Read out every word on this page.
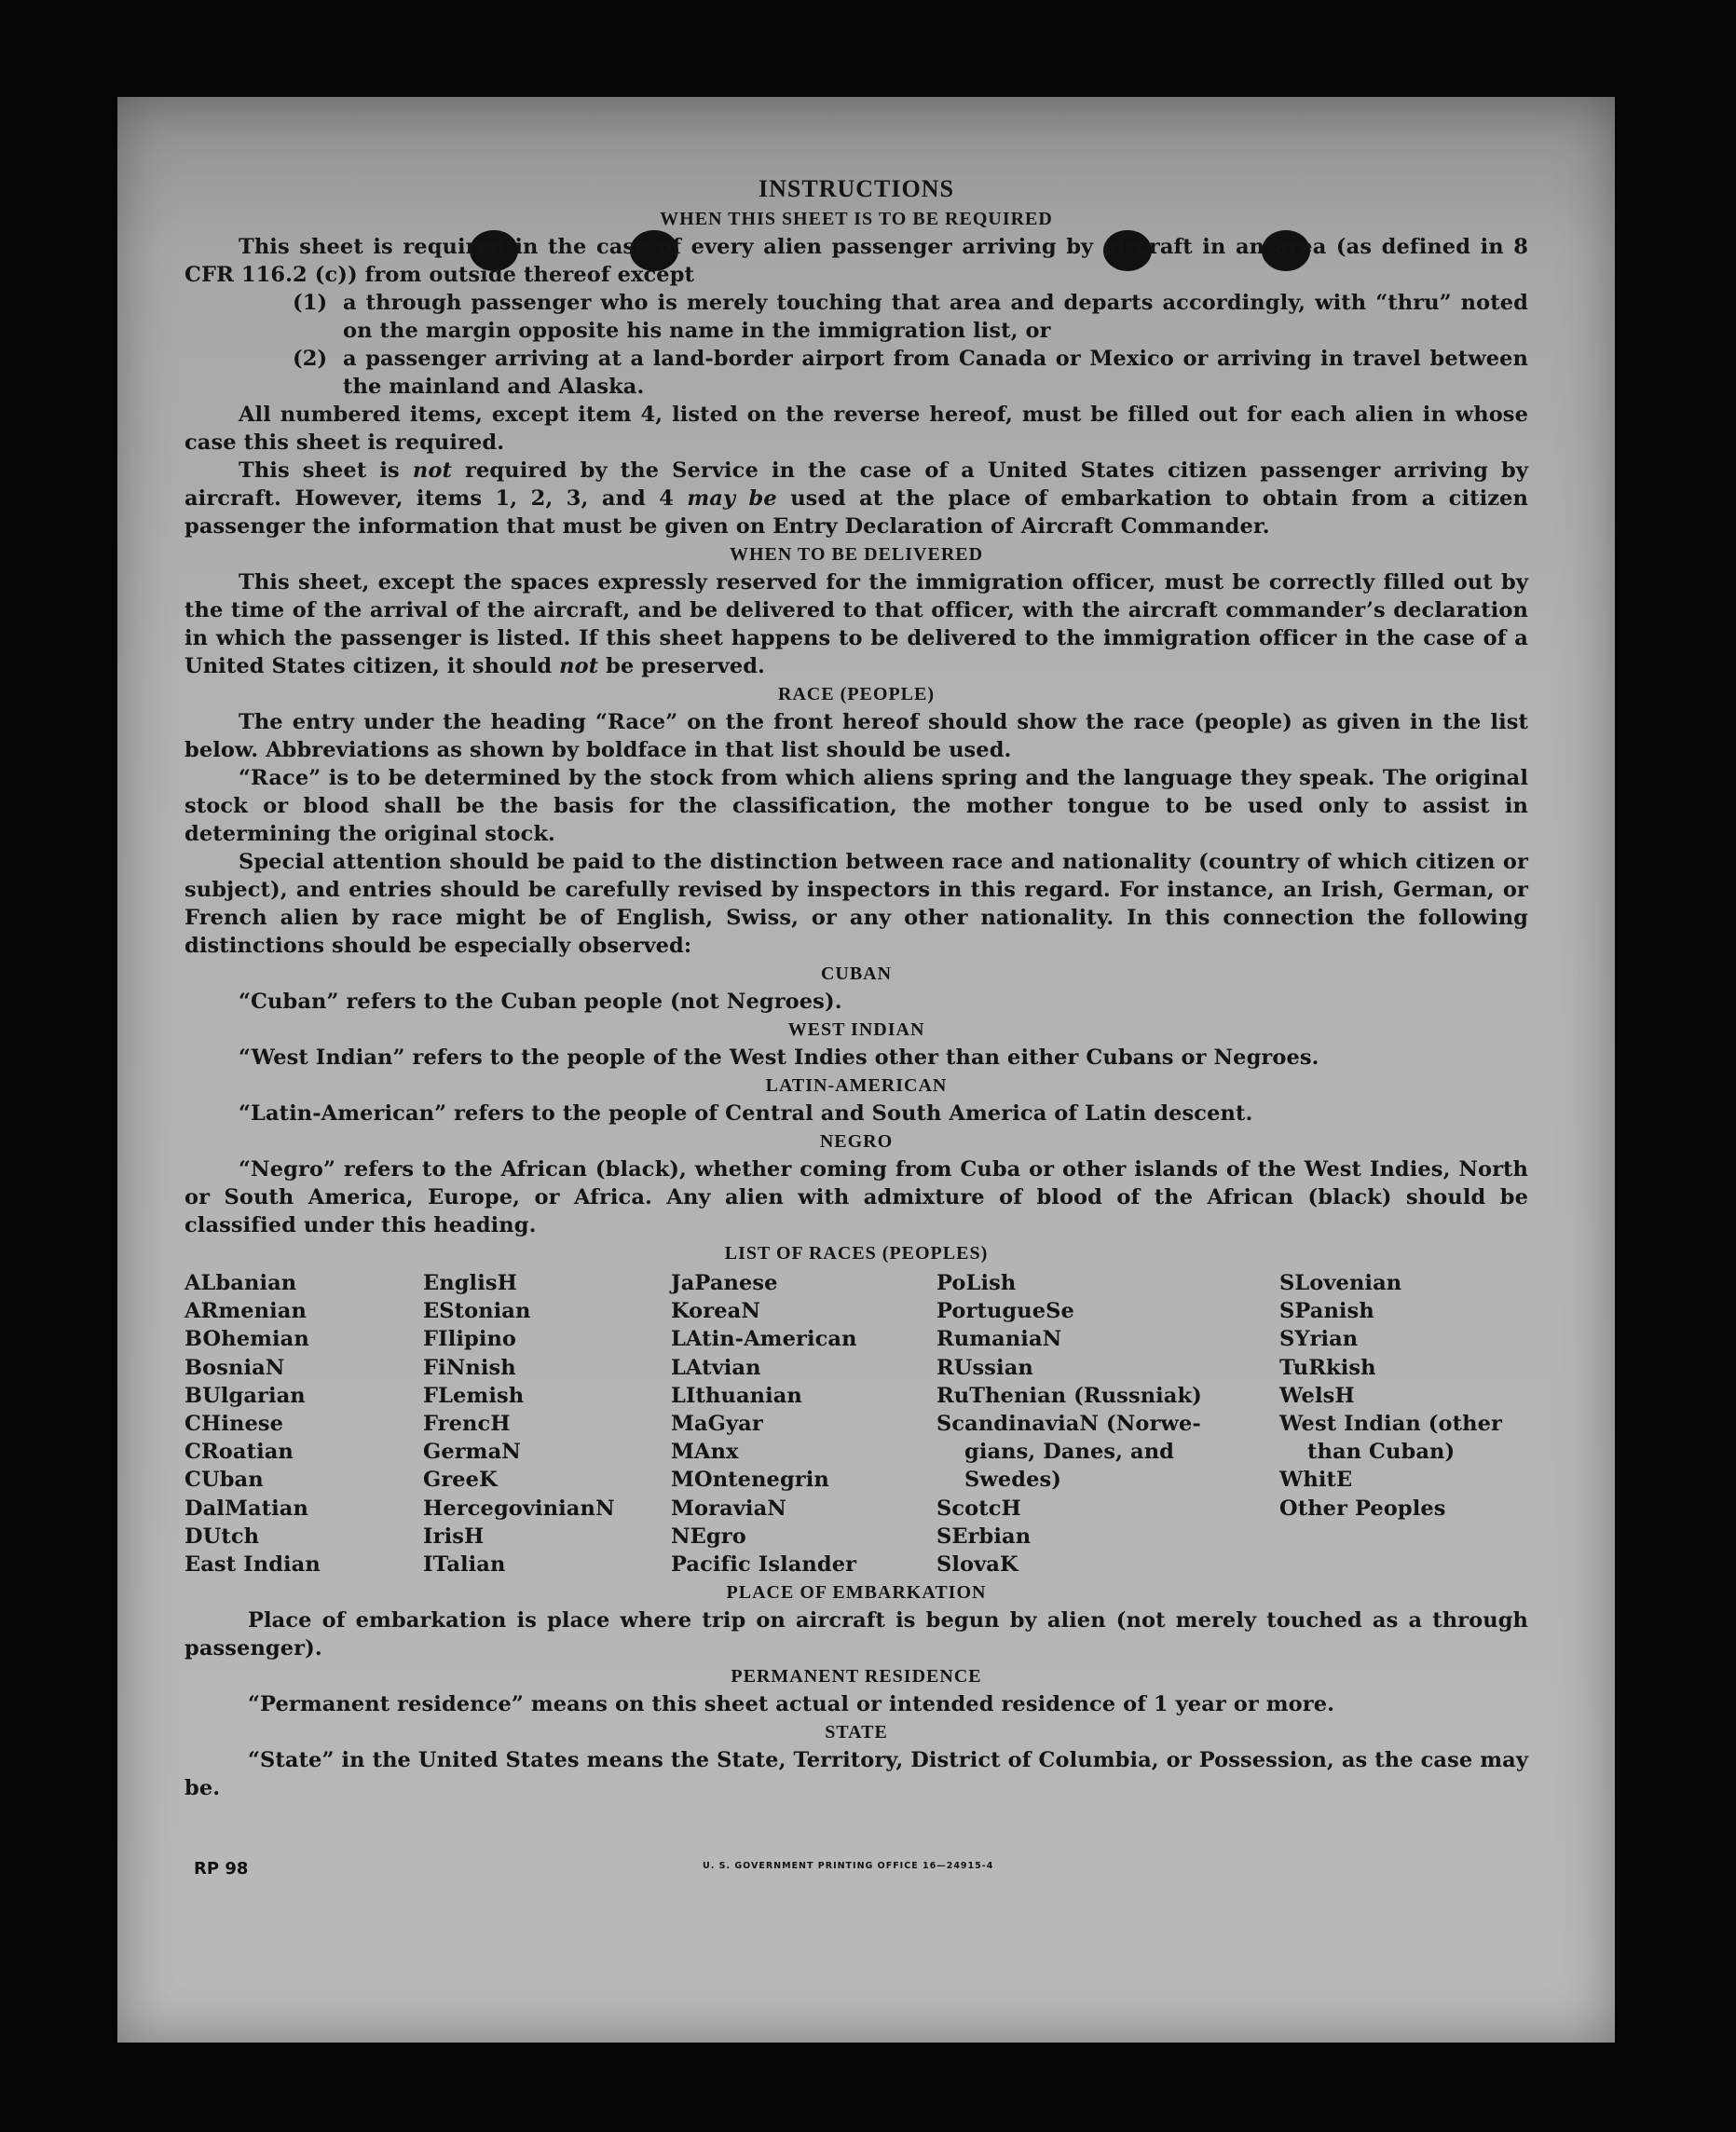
INSTRUCTIONS
WHEN THIS SHEET IS TO BE REQUIRED

This sheet is required in the case of every alien passenger arriving by aircraft in an area (as defined in 8 CFR 116.2 (c)) from outside thereof except

(1) a through passenger who is merely touching that area and departs accordingly, with “thru” noted on the margin opposite his name in the immigration list, or
(2) a passenger arriving at a land-border airport from Canada or Mexico or arriving in travel between the mainland and Alaska.

All numbered items, except item 4, listed on the reverse hereof, must be filled out for each alien in whose case this sheet is required.

This sheet is not required by the Service in the case of a United States citizen passenger arriving by aircraft. However, items 1, 2, 3, and 4 may be used at the place of embarkation to obtain from a citizen passenger the information that must be given on Entry Declaration of Aircraft Commander.

WHEN TO BE DELIVERED

This sheet, except the spaces expressly reserved for the immigration officer, must be correctly filled out by the time of the arrival of the aircraft, and be delivered to that officer, with the aircraft commander’s declaration in which the passenger is listed. If this sheet happens to be delivered to the immigration officer in the case of a United States citizen, it should not be preserved.

RACE (PEOPLE)

The entry under the heading “Race” on the front hereof should show the race (people) as given in the list below. Abbreviations as shown by boldface in that list should be used.

“Race” is to be determined by the stock from which aliens spring and the language they speak. The original stock or blood shall be the basis for the classification, the mother tongue to be used only to assist in determining the original stock.

Special attention should be paid to the distinction between race and nationality (country of which citizen or subject), and entries should be carefully revised by inspectors in this regard. For instance, an Irish, German, or French alien by race might be of English, Swiss, or any other nationality. In this connection the following distinctions should be especially observed:

CUBAN

“Cuban” refers to the Cuban people (not Negroes).

WEST INDIAN

“West Indian” refers to the people of the West Indies other than either Cubans or Negroes.

LATIN-AMERICAN

“Latin-American” refers to the people of Central and South America of Latin descent.

NEGRO

“Negro” refers to the African (black), whether coming from Cuba or other islands of the West Indies, North or South America, Europe, or Africa. Any alien with admixture of blood of the African (black) should be classified under this heading.

LIST OF RACES (PEOPLES)
ALbanian
ARmenian
BOhemian
BosniaN
BUlgarian
CHinese
CRoatian
CUban
DalMatian
DUtch
East Indian
EnglisH
EStonian
FIlipino
FiNnish
FLemish
FrencH
GermaN
GreeK
HercegovinianN
IrisH
ITalian
JaPanese
KoreaN
LAtin-American
LAtvian
LIthuanian
MaGyar
MAnx
MOntenegrin
MoraviaN
NEgro
Pacific Islander
PoLish
PortugueSe
RumaniaN
RUssian
RuThenian (Russniak)
ScandinaviaN (Norwe-
gians, Danes, and
Swedes)
ScotcH
SErbian
SlovaK
SLovenian
SPanish
SYrian
TuRkish
WelsH
West Indian (other
than Cuban)
WhitE
Other Peoples
PLACE OF EMBARKATION

Place of embarkation is place where trip on aircraft is begun by alien (not merely touched as a through passenger).

PERMANENT RESIDENCE

“Permanent residence” means on this sheet actual or intended residence of 1 year or more.

STATE

“State” in the United States means the State, Territory, District of Columbia, or Possession, as the case may be.

RP 98	U. S. GOVERNMENT PRINTING OFFICE 16—24915-4
